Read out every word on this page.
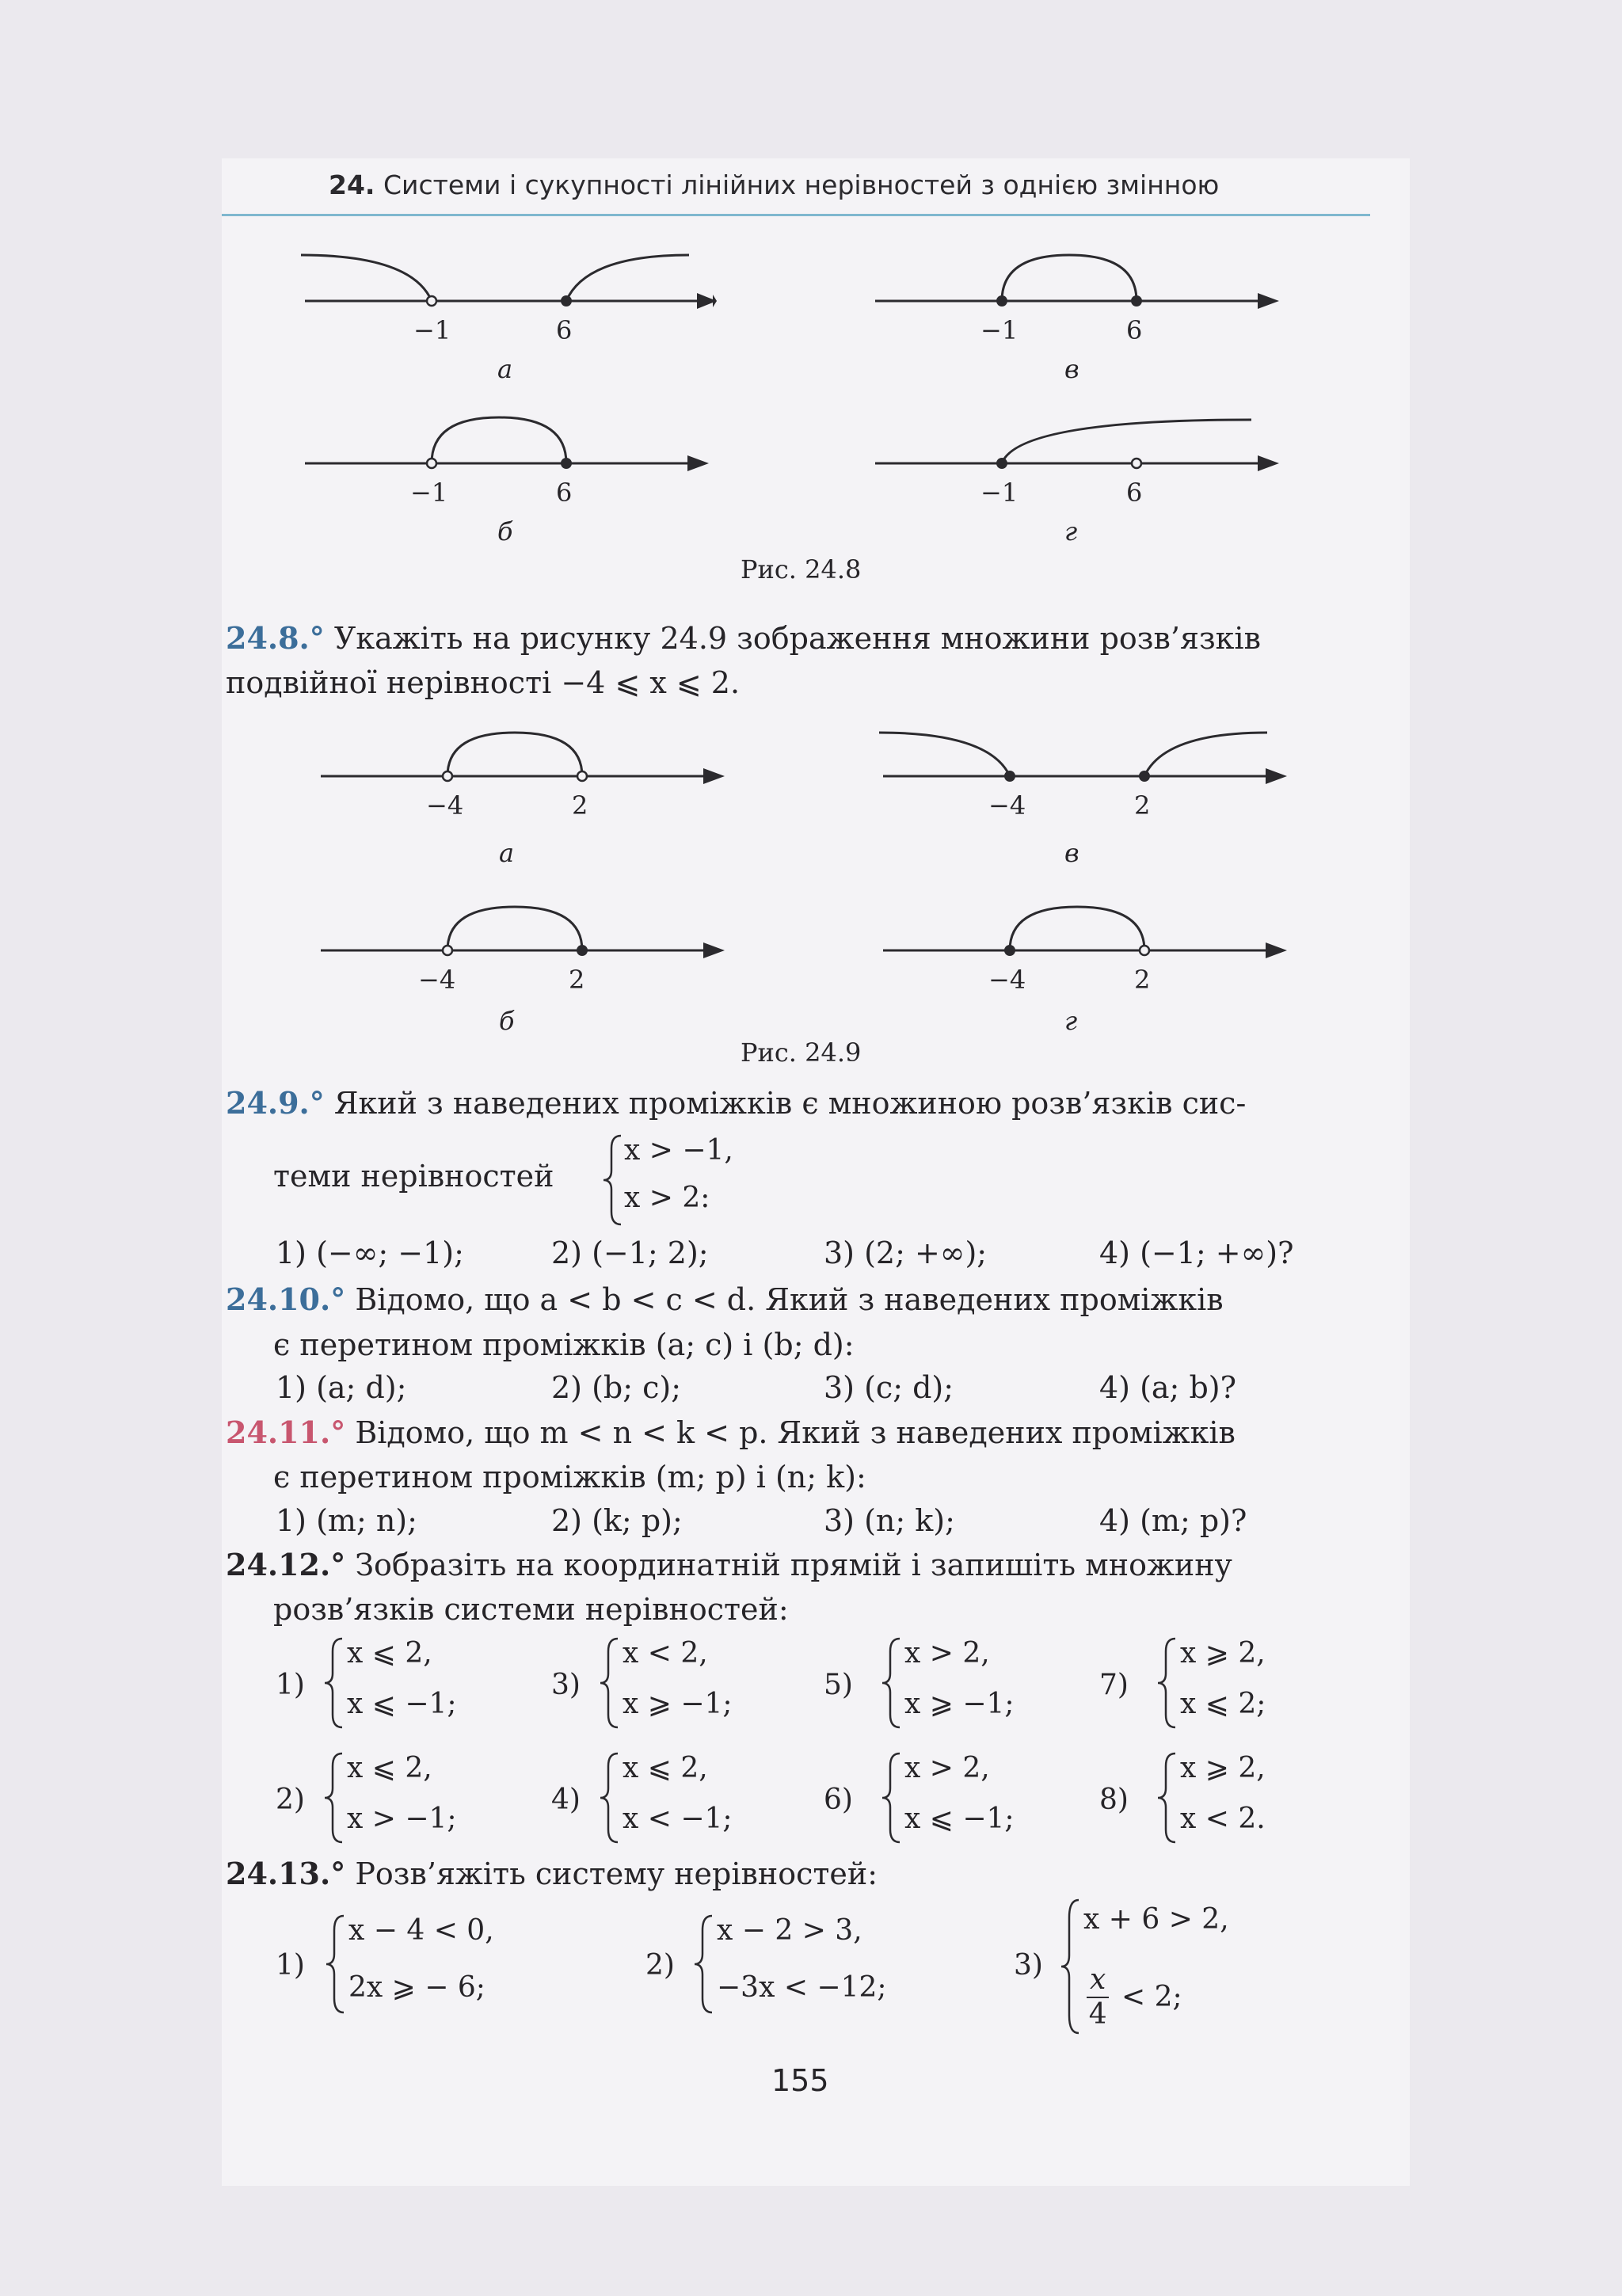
24. Системи і сукупності лінійних нерівностей з однією змінною
−1	6
а
−1	6
в
−1	6
б
−1	6
г
Рис. 24.8
24.8.° Укажіть на рисунку 24.9 зображення множини розв’язків подвійної нерівності −4 ⩽ x ⩽ 2.
−4	2
а
−4	2
в
−4	2
б
−4	2
г
Рис. 24.9
24.9.° Який з наведених проміжків є множиною розв’язків сис-
теми нерівностей
x > −1,
x > 2:
1) (−∞; −1);	2) (−1; 2);	3) (2; +∞);	4) (−1; +∞)?
24.10.° Відомо, що a < b < c < d. Який з наведених проміжків
є перетином проміжків (a; c) і (b; d):
1) (a; d);	2) (b; c);	3) (c; d);	4) (a; b)?
24.11.° Відомо, що m < n < k < p. Який з наведених проміжків
є перетином проміжків (m; p) і (n; k):
1) (m; n);	2) (k; p);	3) (n; k);	4) (m; p)?
24.12.° Зобразіть на координатній прямій і запишіть множину
розв’язків системи нерівностей:
1)
x ⩽ 2,
x ⩽ −1;
3)
x < 2,
x ⩾ −1;
5)
x > 2,
x ⩾ −1;
7)
x ⩾ 2,
x ⩽ 2;
2)
x ⩽ 2,
x > −1;
4)
x ⩽ 2,
x < −1;
6)
x > 2,
x ⩽ −1;
8)
x ⩾ 2,
x < 2.
24.13.° Розв’яжіть систему нерівностей:
1)
x − 4 < 0,
2x ⩾ − 6;
2)
x − 2 > 3,
−3x < −12;
3)
x + 6 > 2,
$\frac{x}{4} < 2$;
155
